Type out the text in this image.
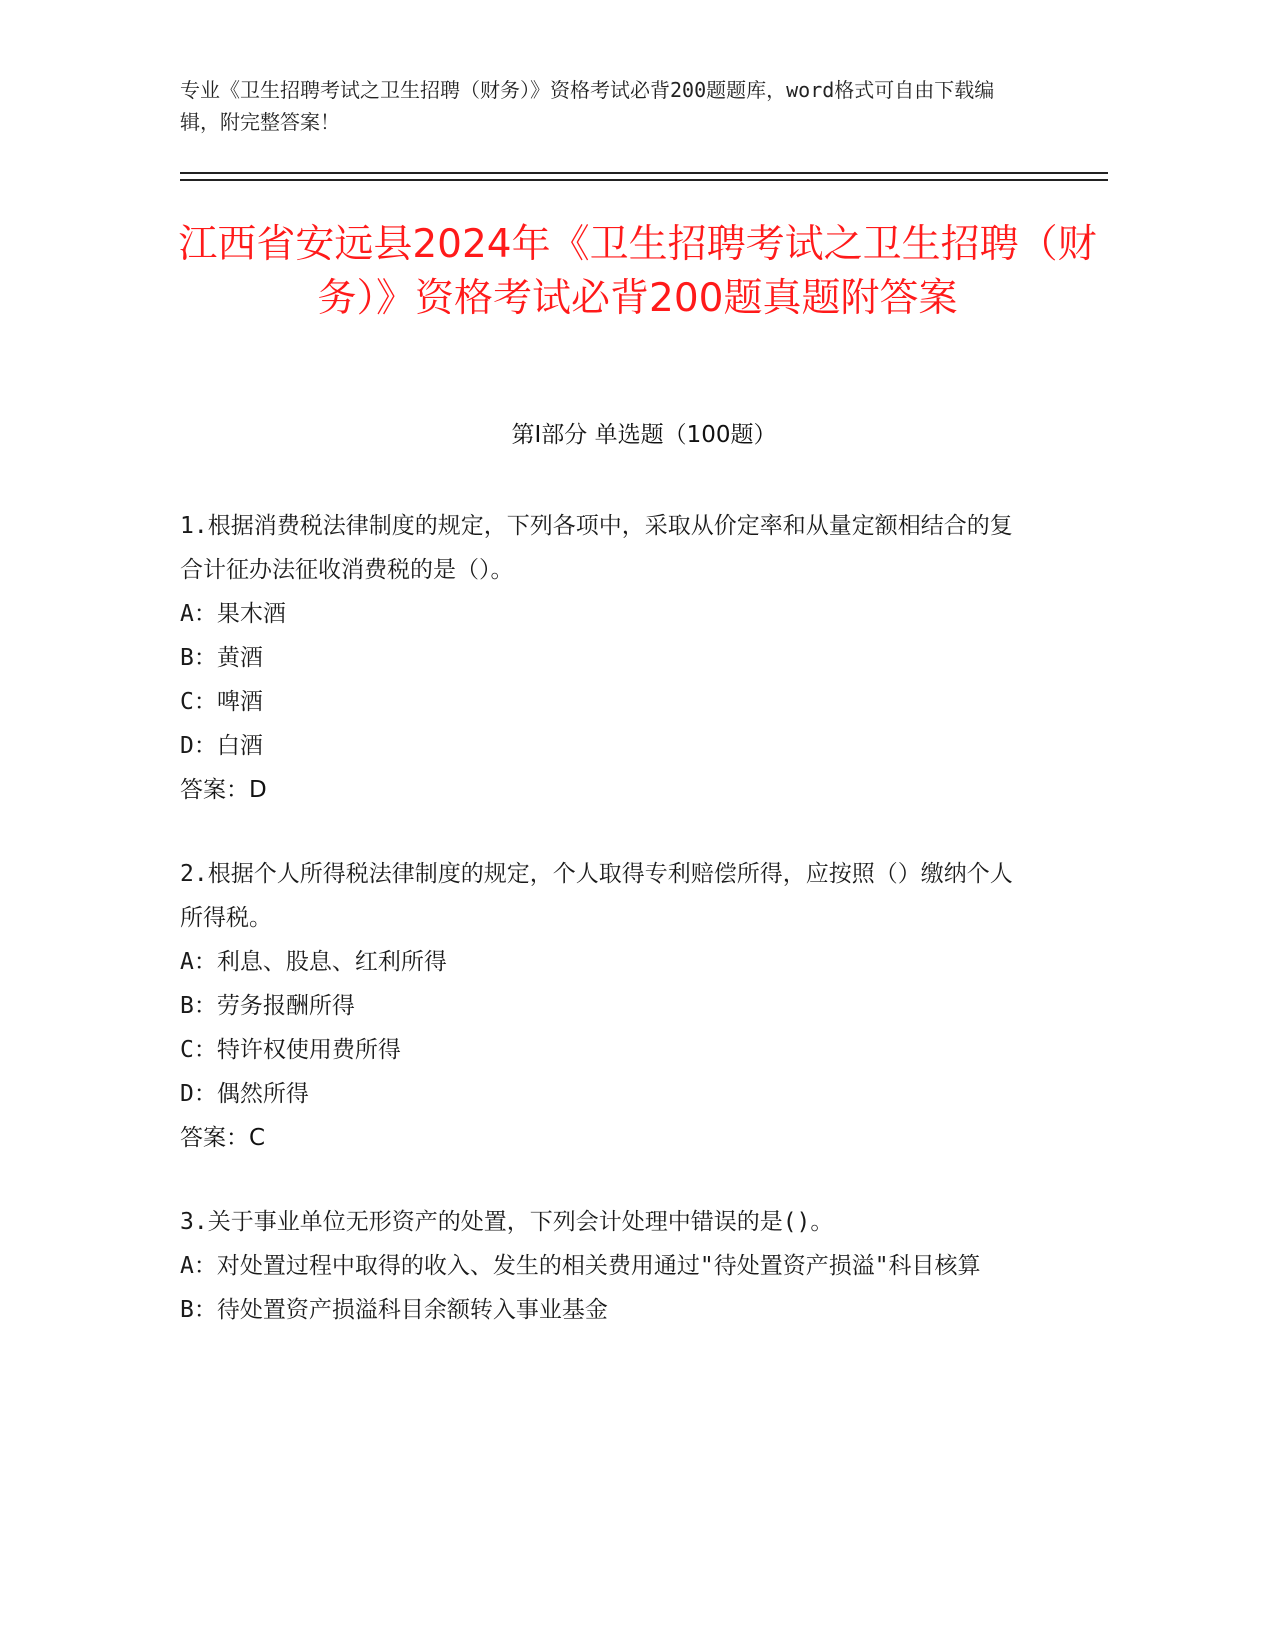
专业《卫生招聘考试之卫生招聘（财务）》资格考试必背200题题库，word格式可自由下载编辑，附完整答案！
江西省安远县2024年《卫生招聘考试之卫生招聘（财务）》资格考试必背200题真题附答案
第Ⅰ部分 单选题（100题）
1.根据消费税法律制度的规定，下列各项中，采取从价定率和从量定额相结合的复合计征办法征收消费税的是（）。
A：果木酒
B：黄酒
C：啤酒
D：白酒
答案：D
2.根据个人所得税法律制度的规定，个人取得专利赔偿所得，应按照（）缴纳个人所得税。
A：利息、股息、红利所得
B：劳务报酬所得
C：特许权使用费所得
D：偶然所得
答案：C
3.关于事业单位无形资产的处置，下列会计处理中错误的是()。
A：对处置过程中取得的收入、发生的相关费用通过"待处置资产损溢"科目核算
B：待处置资产损溢科目余额转入事业基金
